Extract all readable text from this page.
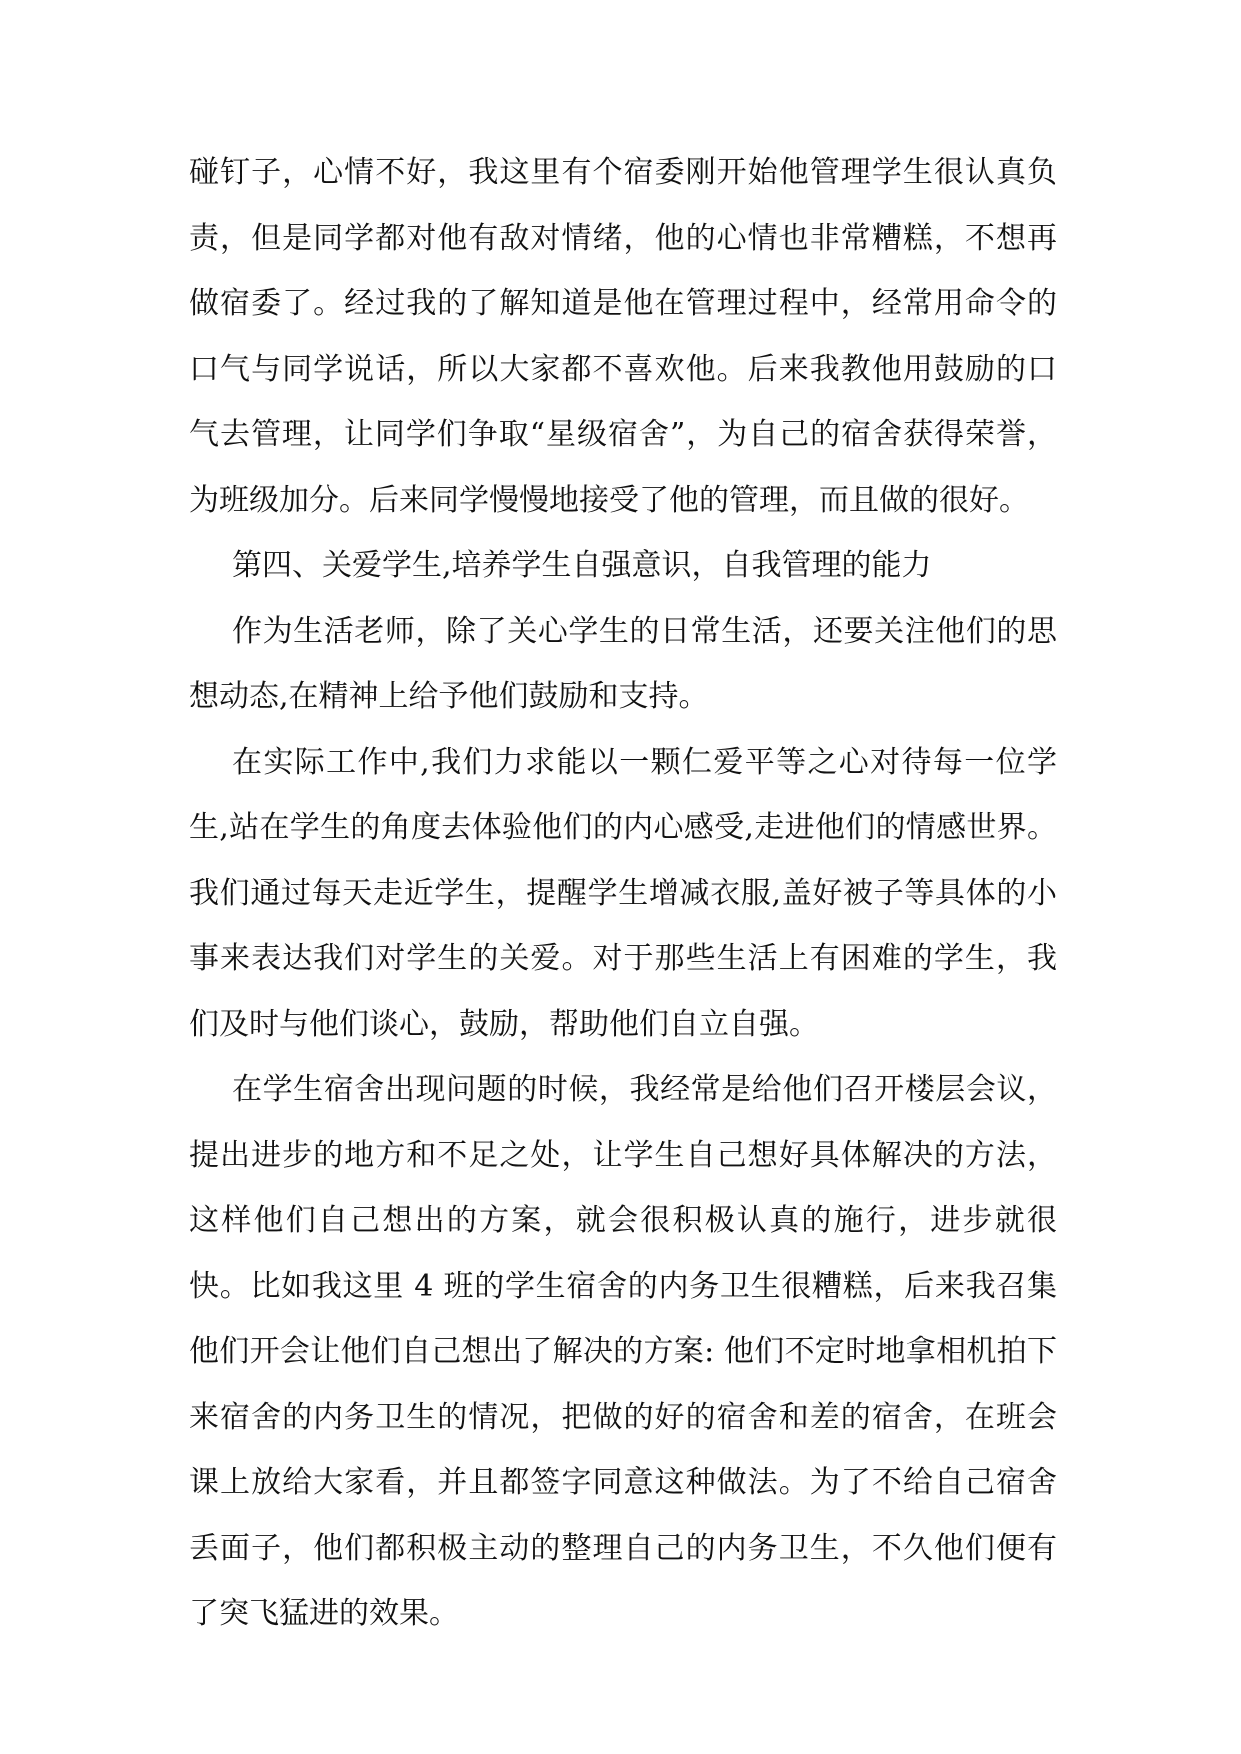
碰钉子，心情不好，我这里有个宿委刚开始他管理学生很认真负责，但是同学都对他有敌对情绪，他的心情也非常糟糕，不想再做宿委了。经过我的了解知道是他在管理过程中，经常用命令的口气与同学说话，所以大家都不喜欢他。后来我教他用鼓励的口气去管理，让同学们争取“星级宿舍”，为自己的宿舍获得荣誉，为班级加分。后来同学慢慢地接受了他的管理，而且做的很好。

第四、关爱学生,培养学生自强意识，自我管理的能力

作为生活老师，除了关心学生的日常生活，还要关注他们的思想动态,在精神上给予他们鼓励和支持。

在实际工作中,我们力求能以一颗仁爱平等之心对待每一位学生,站在学生的角度去体验他们的内心感受,走进他们的情感世界。我们通过每天走近学生，提醒学生增减衣服,盖好被子等具体的小事来表达我们对学生的关爱。对于那些生活上有困难的学生，我们及时与他们谈心，鼓励，帮助他们自立自强。

在学生宿舍出现问题的时候，我经常是给他们召开楼层会议，提出进步的地方和不足之处，让学生自己想好具体解决的方法，这样他们自己想出的方案，就会很积极认真的施行，进步就很快。比如我这里 4 班的学生宿舍的内务卫生很糟糕，后来我召集他们开会让他们自己想出了解决的方案: 他们不定时地拿相机拍下来宿舍的内务卫生的情况，把做的好的宿舍和差的宿舍，在班会课上放给大家看，并且都签字同意这种做法。为了不给自己宿舍丢面子，他们都积极主动的整理自己的内务卫生，不久他们便有了突飞猛进的效果。
